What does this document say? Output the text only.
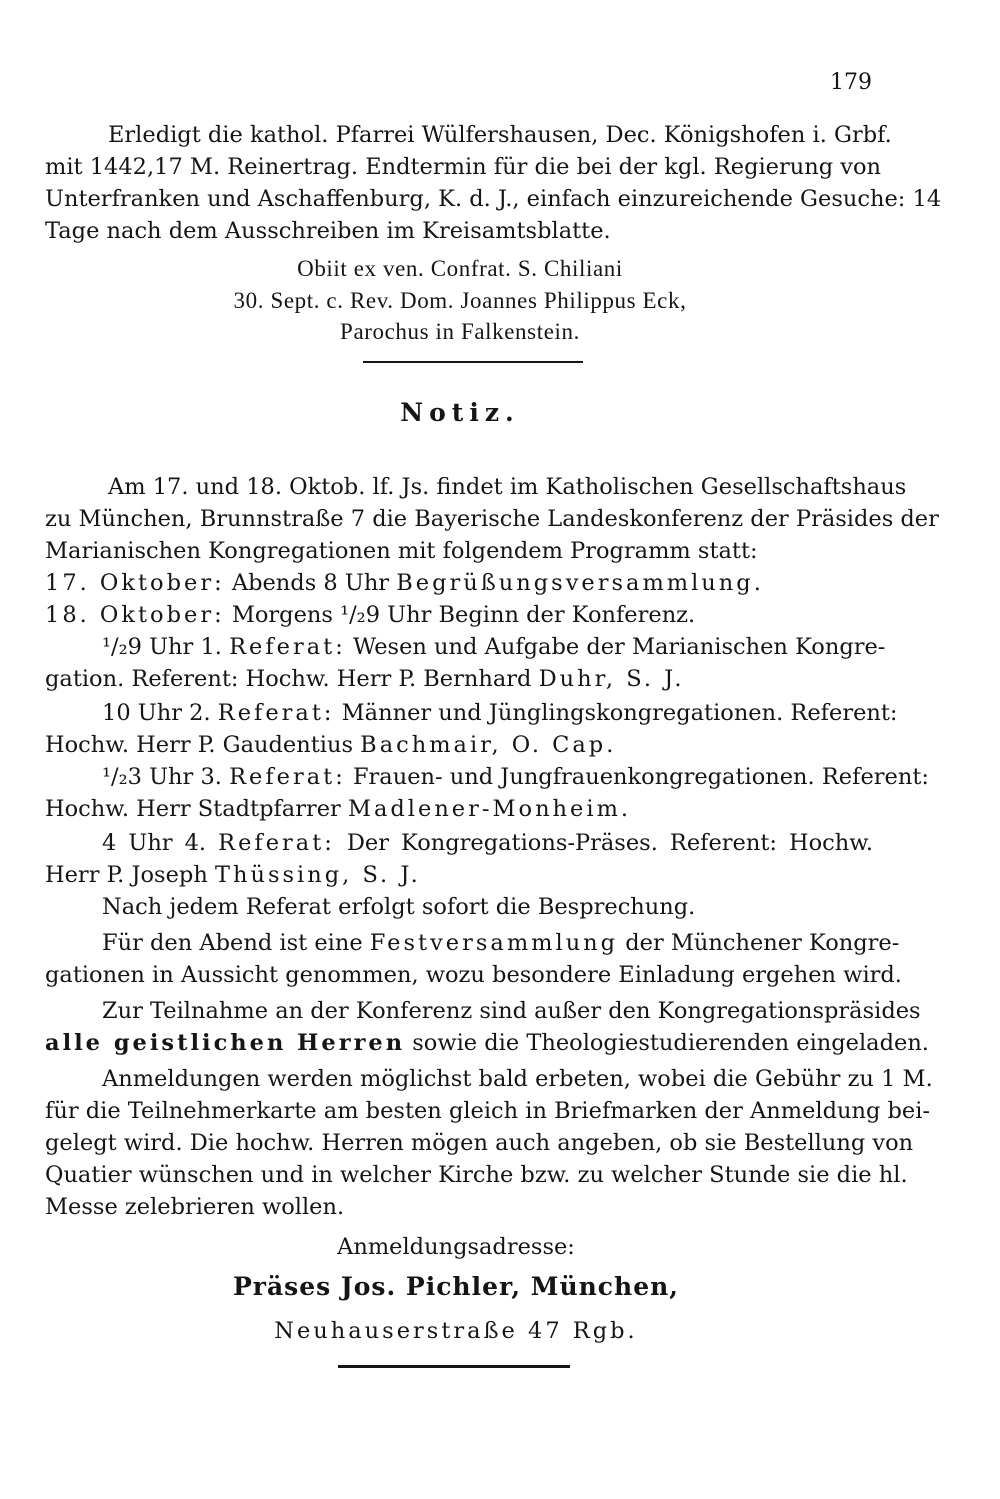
179
Erledigt die kathol. Pfarrei Wülfershausen, Dec. Königshofen i. Grbf.
mit 1442,17 M. Reinertrag. Endtermin für die bei der kgl. Regierung von
Unterfranken und Aschaffenburg, K. d. J., einfach einzureichende Gesuche: 14
Tage nach dem Ausschreiben im Kreisamtsblatte.
Obiit ex ven. Confrat. S. Chiliani
30. Sept. c. Rev. Dom. Joannes Philippus Eck,
Parochus in Falkenstein.
Notiz.
Am 17. und 18. Oktob. lf. Js. findet im Katholischen Gesellschaftshaus
zu München, Brunnstraße 7 die Bayerische Landeskonferenz der Präsides der
Marianischen Kongregationen mit folgendem Programm statt:
17. Oktober: Abends 8 Uhr Begrüßungsversammlung.
18. Oktober: Morgens ¹/₂9 Uhr Beginn der Konferenz.
¹/₂9 Uhr 1. Referat: Wesen und Aufgabe der Marianischen Kongre-
gation. Referent: Hochw. Herr P. Bernhard Duhr, S. J.
10 Uhr 2. Referat: Männer und Jünglingskongregationen. Referent:
Hochw. Herr P. Gaudentius Bachmair, O. Cap.
¹/₂3 Uhr 3. Referat: Frauen- und Jungfrauenkongregationen. Referent:
Hochw. Herr Stadtpfarrer Madlener-Monheim.
4 Uhr 4. Referat: Der Kongregations-Präses. Referent: Hochw.
Herr P. Joseph Thüssing, S. J.
Nach jedem Referat erfolgt sofort die Besprechung.
Für den Abend ist eine Festversammlung der Münchener Kongre-
gationen in Aussicht genommen, wozu besondere Einladung ergehen wird.
Zur Teilnahme an der Konferenz sind außer den Kongregationspräsides
alle geistlichen Herren sowie die Theologiestudierenden eingeladen.
Anmeldungen werden möglichst bald erbeten, wobei die Gebühr zu 1 M.
für die Teilnehmerkarte am besten gleich in Briefmarken der Anmeldung bei-
gelegt wird. Die hochw. Herren mögen auch angeben, ob sie Bestellung von
Quatier wünschen und in welcher Kirche bzw. zu welcher Stunde sie die hl.
Messe zelebrieren wollen.
Anmeldungsadresse:
Präses Jos. Pichler, München,
Neuhauserstraße 47 Rgb.
